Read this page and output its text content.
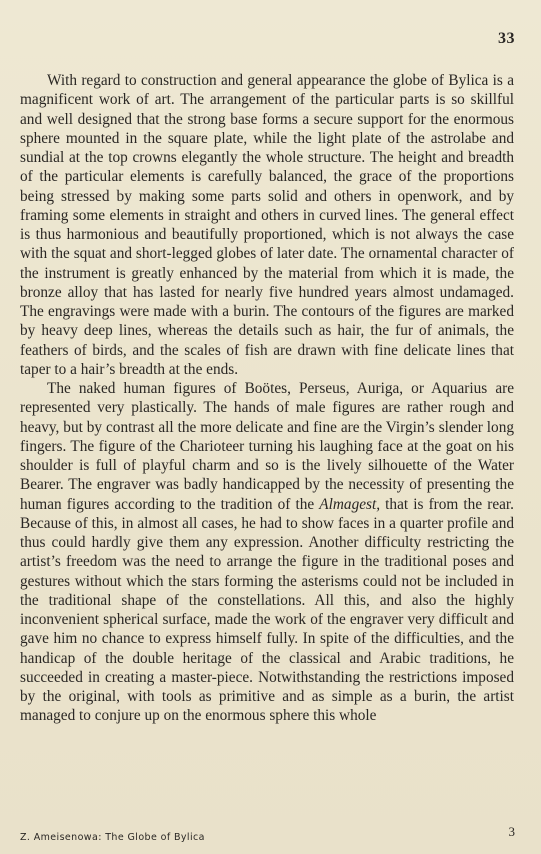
33

With regard to construction and general appearance the globe of Bylica is a magnificent work of art. The arrangement of the particular parts is so skillful and well designed that the strong base forms a secure support for the enormous sphere mounted in the square plate, while the light plate of the astrolabe and sundial at the top crowns elegantly the whole structure. The height and breadth of the particular elements is carefully balanced, the grace of the proportions being stressed by making some parts solid and others in openwork, and by framing some elements in straight and others in curved lines. The general effect is thus harmonious and beautifully proportioned, which is not always the case with the squat and short-legged globes of later date. The ornamental character of the instrument is greatly enhanced by the material from which it is made, the bronze alloy that has lasted for nearly five hundred years almost undamaged. The engravings were made with a burin. The contours of the figures are marked by heavy deep lines, whereas the details such as hair, the fur of animals, the feathers of birds, and the scales of fish are drawn with fine delicate lines that taper to a hair’s breadth at the ends.

The naked human figures of Boötes, Perseus, Auriga, or Aquarius are represented very plastically. The hands of male figures are rather rough and heavy, but by contrast all the more delicate and fine are the Virgin’s slender long fingers. The figure of the Charioteer turning his laughing face at the goat on his shoulder is full of playful charm and so is the lively silhouette of the Water Bearer. The engraver was badly handicapped by the necessity of presenting the human figures according to the tradition of the Almagest, that is from the rear. Because of this, in almost all cases, he had to show faces in a quarter profile and thus could hardly give them any expression. Another difficulty restricting the artist’s freedom was the need to arrange the figure in the traditional poses and gestures without which the stars forming the asterisms could not be included in the traditional shape of the constellations. All this, and also the highly inconvenient spherical surface, made the work of the engraver very difficult and gave him no chance to express himself fully. In spite of the difficulties, and the handicap of the double heritage of the classical and Arabic traditions, he succeeded in creating a master-piece. Notwithstanding the restrictions imposed by the original, with tools as primitive and as simple as a burin, the artist managed to conjure up on the enormous sphere this whole

Z. Ameisenowa: The Globe of Bylica	3
